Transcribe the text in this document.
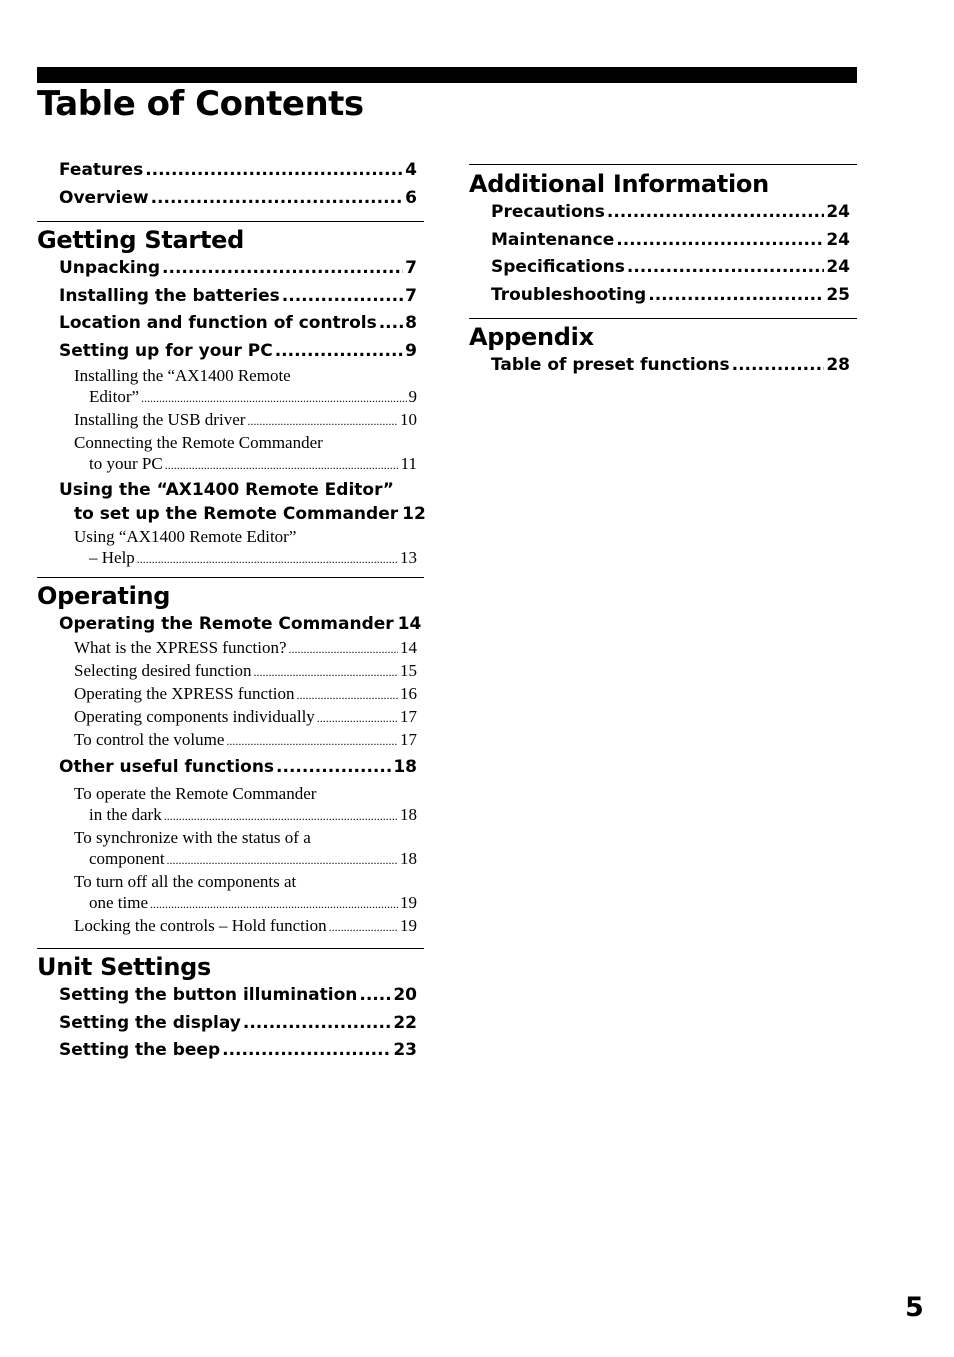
Table of Contents
Features .....	4
Overview .....	6
Getting Started
Unpacking .....	7
Installing the batteries .....	7
Location and function of controls ..... 8
Setting up for your PC .....	9
Installing the “AX1400 Remote
Editor” .....	9
Installing the USB driver .....	10
Connecting the Remote Commander
to your PC .....	11
Using the “AX1400 Remote Editor”
to set up the Remote Commander 12
Using “AX1400 Remote Editor”
– Help .....	13
Operating
Operating the Remote Commander 14
What is the XPRESS function? .....	14
Selecting desired function .....	15
Operating the XPRESS function .....	16
Operating components individually .....	17
To control the volume .....	17
Other useful functions .....	18
To operate the Remote Commander
in the dark .....	18
To synchronize with the status of a
component .....	18
To turn off all the components at
one time .....	19
Locking the controls – Hold function .....	19
Unit Settings
Setting the button illumination ..... 20
Setting the display .....	22
Setting the beep .....	23
Additional Information
Precautions .....	24
Maintenance .....	24
Specifications .....	24
Troubleshooting .....	25
Appendix
Table of preset functions .....	28
5
